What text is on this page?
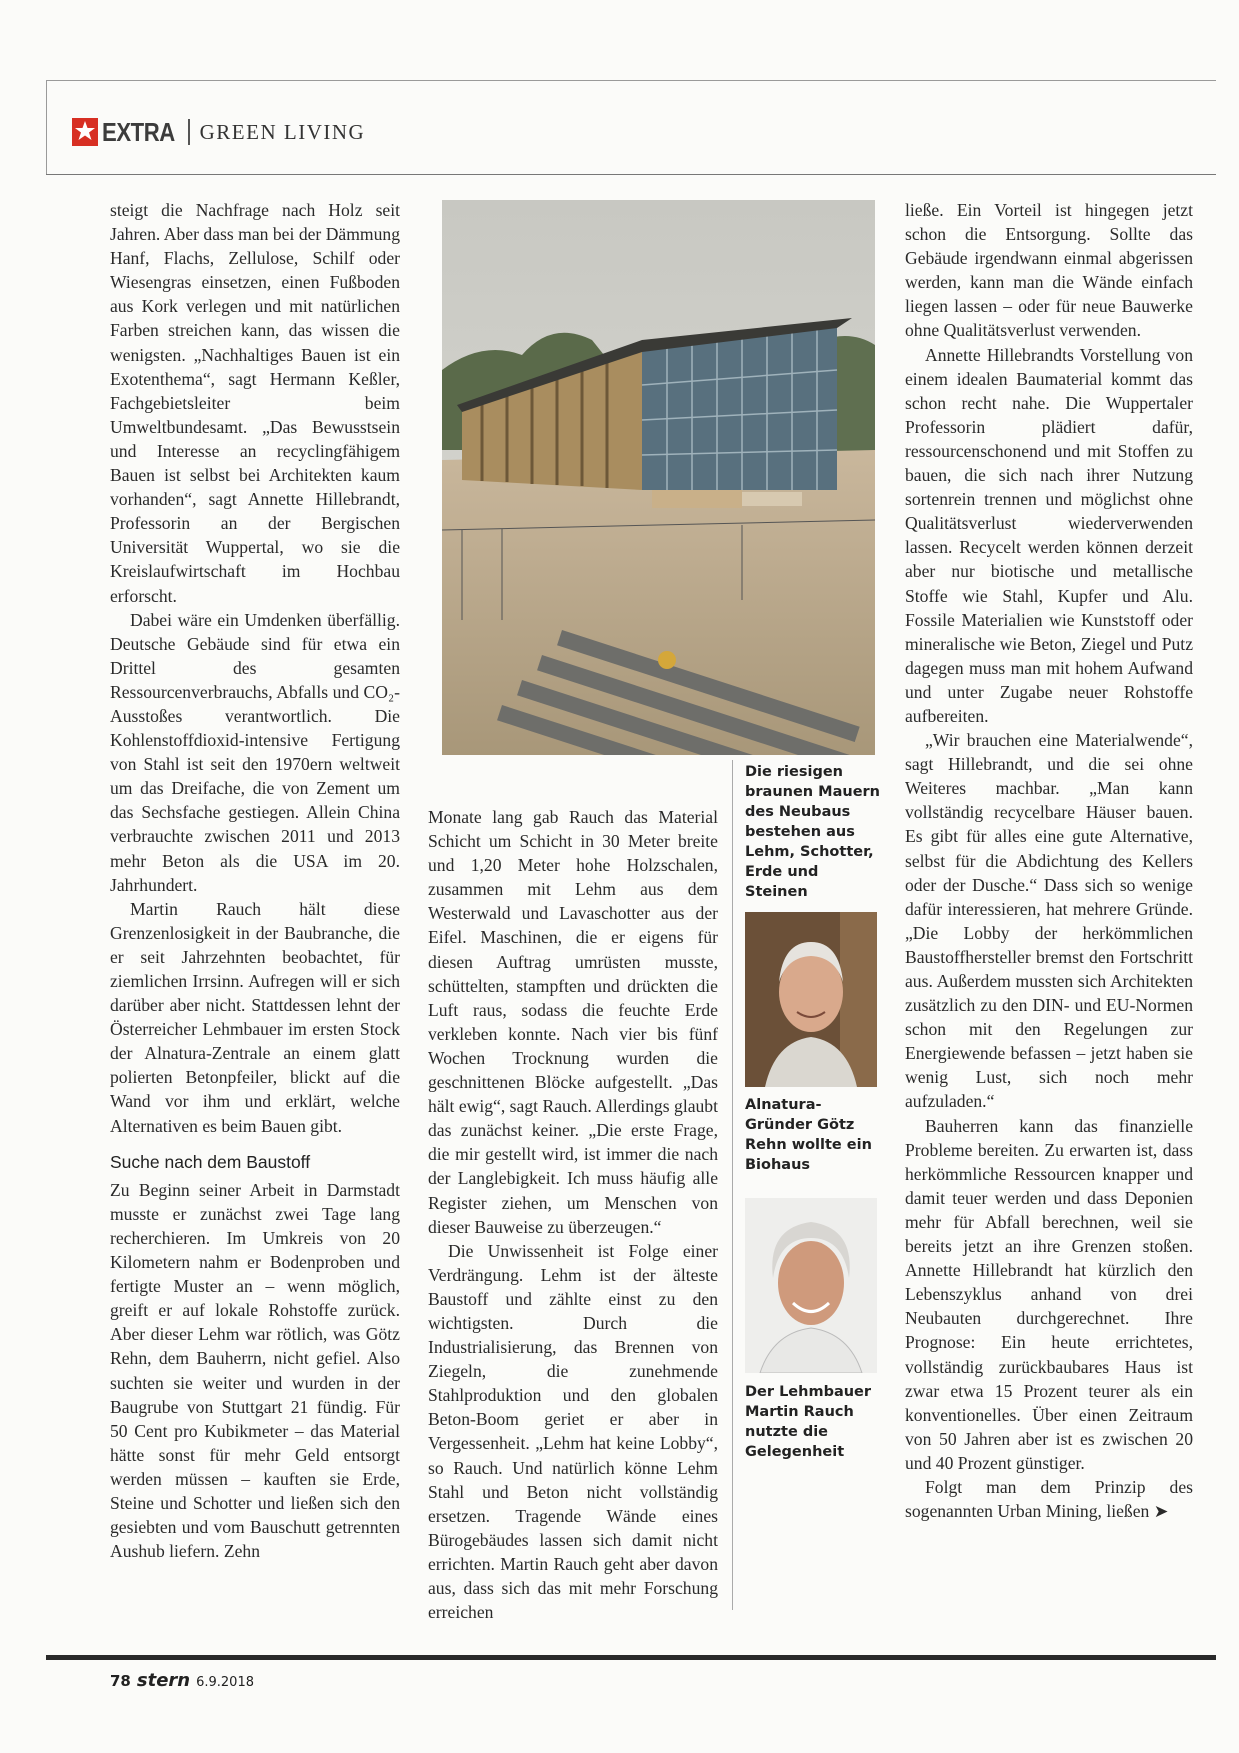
EXTRA GREEN LIVING

steigt die Nachfrage nach Holz seit Jahren. Aber dass man bei der Dämmung Hanf, Flachs, Zellulose, Schilf oder Wiesengras einsetzen, einen Fußboden aus Kork verlegen und mit natürlichen Farben streichen kann, das wissen die wenigsten. „Nachhaltiges Bauen ist ein Exotenthema“, sagt Hermann Keßler, Fachgebietsleiter beim Umweltbundesamt. „Das Bewusstsein und Interesse an recyclingfähigem Bauen ist selbst bei Architekten kaum vorhanden“, sagt Annette Hillebrandt, Professorin an der Bergischen Universität Wuppertal, wo sie die Kreislaufwirtschaft im Hochbau erforscht.

Dabei wäre ein Umdenken überfällig. Deutsche Gebäude sind für etwa ein Drittel des gesamten Ressourcenverbrauchs, Abfalls und CO₂-Ausstoßes verantwortlich. Die Kohlenstoffdioxid-intensive Fertigung von Stahl ist seit den 1970ern weltweit um das Dreifache, die von Zement um das Sechsfache gestiegen. Allein China verbrauchte zwischen 2011 und 2013 mehr Beton als die USA im 20. Jahrhundert.

Martin Rauch hält diese Grenzenlosigkeit in der Baubranche, die er seit Jahrzehnten beobachtet, für ziemlichen Irrsinn. Aufregen will er sich darüber aber nicht. Stattdessen lehnt der Österreicher Lehmbauer im ersten Stock der Alnatura-Zentrale an einem glatt polierten Betonpfeiler, blickt auf die Wand vor ihm und erklärt, welche Alternativen es beim Bauen gibt.

Suche nach dem Baustoff

Zu Beginn seiner Arbeit in Darmstadt musste er zunächst zwei Tage lang recherchieren. Im Umkreis von 20 Kilometern nahm er Bodenproben und fertigte Muster an – wenn möglich, greift er auf lokale Rohstoffe zurück. Aber dieser Lehm war rötlich, was Götz Rehn, dem Bauherrn, nicht gefiel. Also suchten sie weiter und wurden in der Baugrube von Stuttgart 21 fündig. Für 50 Cent pro Kubikmeter – das Material hätte sonst für mehr Geld entsorgt werden müssen – kauften sie Erde, Steine und Schotter und ließen sich den gesiebten und vom Bauschutt getrennten Aushub liefern. Zehn

Die riesigen braunen Mauern des Neubaus bestehen aus Lehm, Schotter, Erde und Steinen

Monate lang gab Rauch das Material Schicht um Schicht in 30 Meter breite und 1,20 Meter hohe Holzschalen, zusammen mit Lehm aus dem Westerwald und Lavaschotter aus der Eifel. Maschinen, die er eigens für diesen Auftrag umrüsten musste, schüttelten, stampften und drückten die Luft raus, sodass die feuchte Erde verkleben konnte. Nach vier bis fünf Wochen Trocknung wurden die geschnittenen Blöcke aufgestellt. „Das hält ewig“, sagt Rauch. Allerdings glaubt das zunächst keiner. „Die erste Frage, die mir gestellt wird, ist immer die nach der Langlebigkeit. Ich muss häufig alle Register ziehen, um Menschen von dieser Bauweise zu überzeugen.“

Die Unwissenheit ist Folge einer Verdrängung. Lehm ist der älteste Baustoff und zählte einst zu den wichtigsten. Durch die Industrialisierung, das Brennen von Ziegeln, die zunehmende Stahlproduktion und den globalen Beton-Boom geriet er aber in Vergessenheit. „Lehm hat keine Lobby“, so Rauch. Und natürlich könne Lehm Stahl und Beton nicht vollständig ersetzen. Tragende Wände eines Bürogebäudes lassen sich damit nicht errichten. Martin Rauch geht aber davon aus, dass sich das mit mehr Forschung erreichen

Alnatura-Gründer Götz Rehn wollte ein Biohaus
Der Lehmbauer Martin Rauch nutzte die Gelegenheit

ließe. Ein Vorteil ist hingegen jetzt schon die Entsorgung. Sollte das Gebäude irgendwann einmal abgerissen werden, kann man die Wände einfach liegen lassen – oder für neue Bauwerke ohne Qualitätsverlust verwenden.

Annette Hillebrandts Vorstellung von einem idealen Baumaterial kommt das schon recht nahe. Die Wuppertaler Professorin plädiert dafür, ressourcenschonend und mit Stoffen zu bauen, die sich nach ihrer Nutzung sortenrein trennen und möglichst ohne Qualitätsverlust wiederverwenden lassen. Recycelt werden können derzeit aber nur biotische und metallische Stoffe wie Stahl, Kupfer und Alu. Fossile Materialien wie Kunststoff oder mineralische wie Beton, Ziegel und Putz dagegen muss man mit hohem Aufwand und unter Zugabe neuer Rohstoffe aufbereiten.

„Wir brauchen eine Materialwende“, sagt Hillebrandt, und die sei ohne Weiteres machbar. „Man kann vollständig recycelbare Häuser bauen. Es gibt für alles eine gute Alternative, selbst für die Abdichtung des Kellers oder der Dusche.“ Dass sich so wenige dafür interessieren, hat mehrere Gründe. „Die Lobby der herkömmlichen Baustoffhersteller bremst den Fortschritt aus. Außerdem mussten sich Architekten zusätzlich zu den DIN- und EU-Normen schon mit den Regelungen zur Energiewende befassen – jetzt haben sie wenig Lust, sich noch mehr aufzuladen.“

Bauherren kann das finanzielle Probleme bereiten. Zu erwarten ist, dass herkömmliche Ressourcen knapper und damit teuer werden und dass Deponien mehr für Abfall berechnen, weil sie bereits jetzt an ihre Grenzen stoßen. Annette Hillebrandt hat kürzlich den Lebenszyklus anhand von drei Neubauten durchgerechnet. Ihre Prognose: Ein heute errichtetes, vollständig zurückbaubares Haus ist zwar etwa 15 Prozent teurer als ein konventionelles. Über einen Zeitraum von 50 Jahren aber ist es zwischen 20 und 40 Prozent günstiger.

Folgt man dem Prinzip des sogenannten Urban Mining, ließen ➤

78 stern 6.9.2018
